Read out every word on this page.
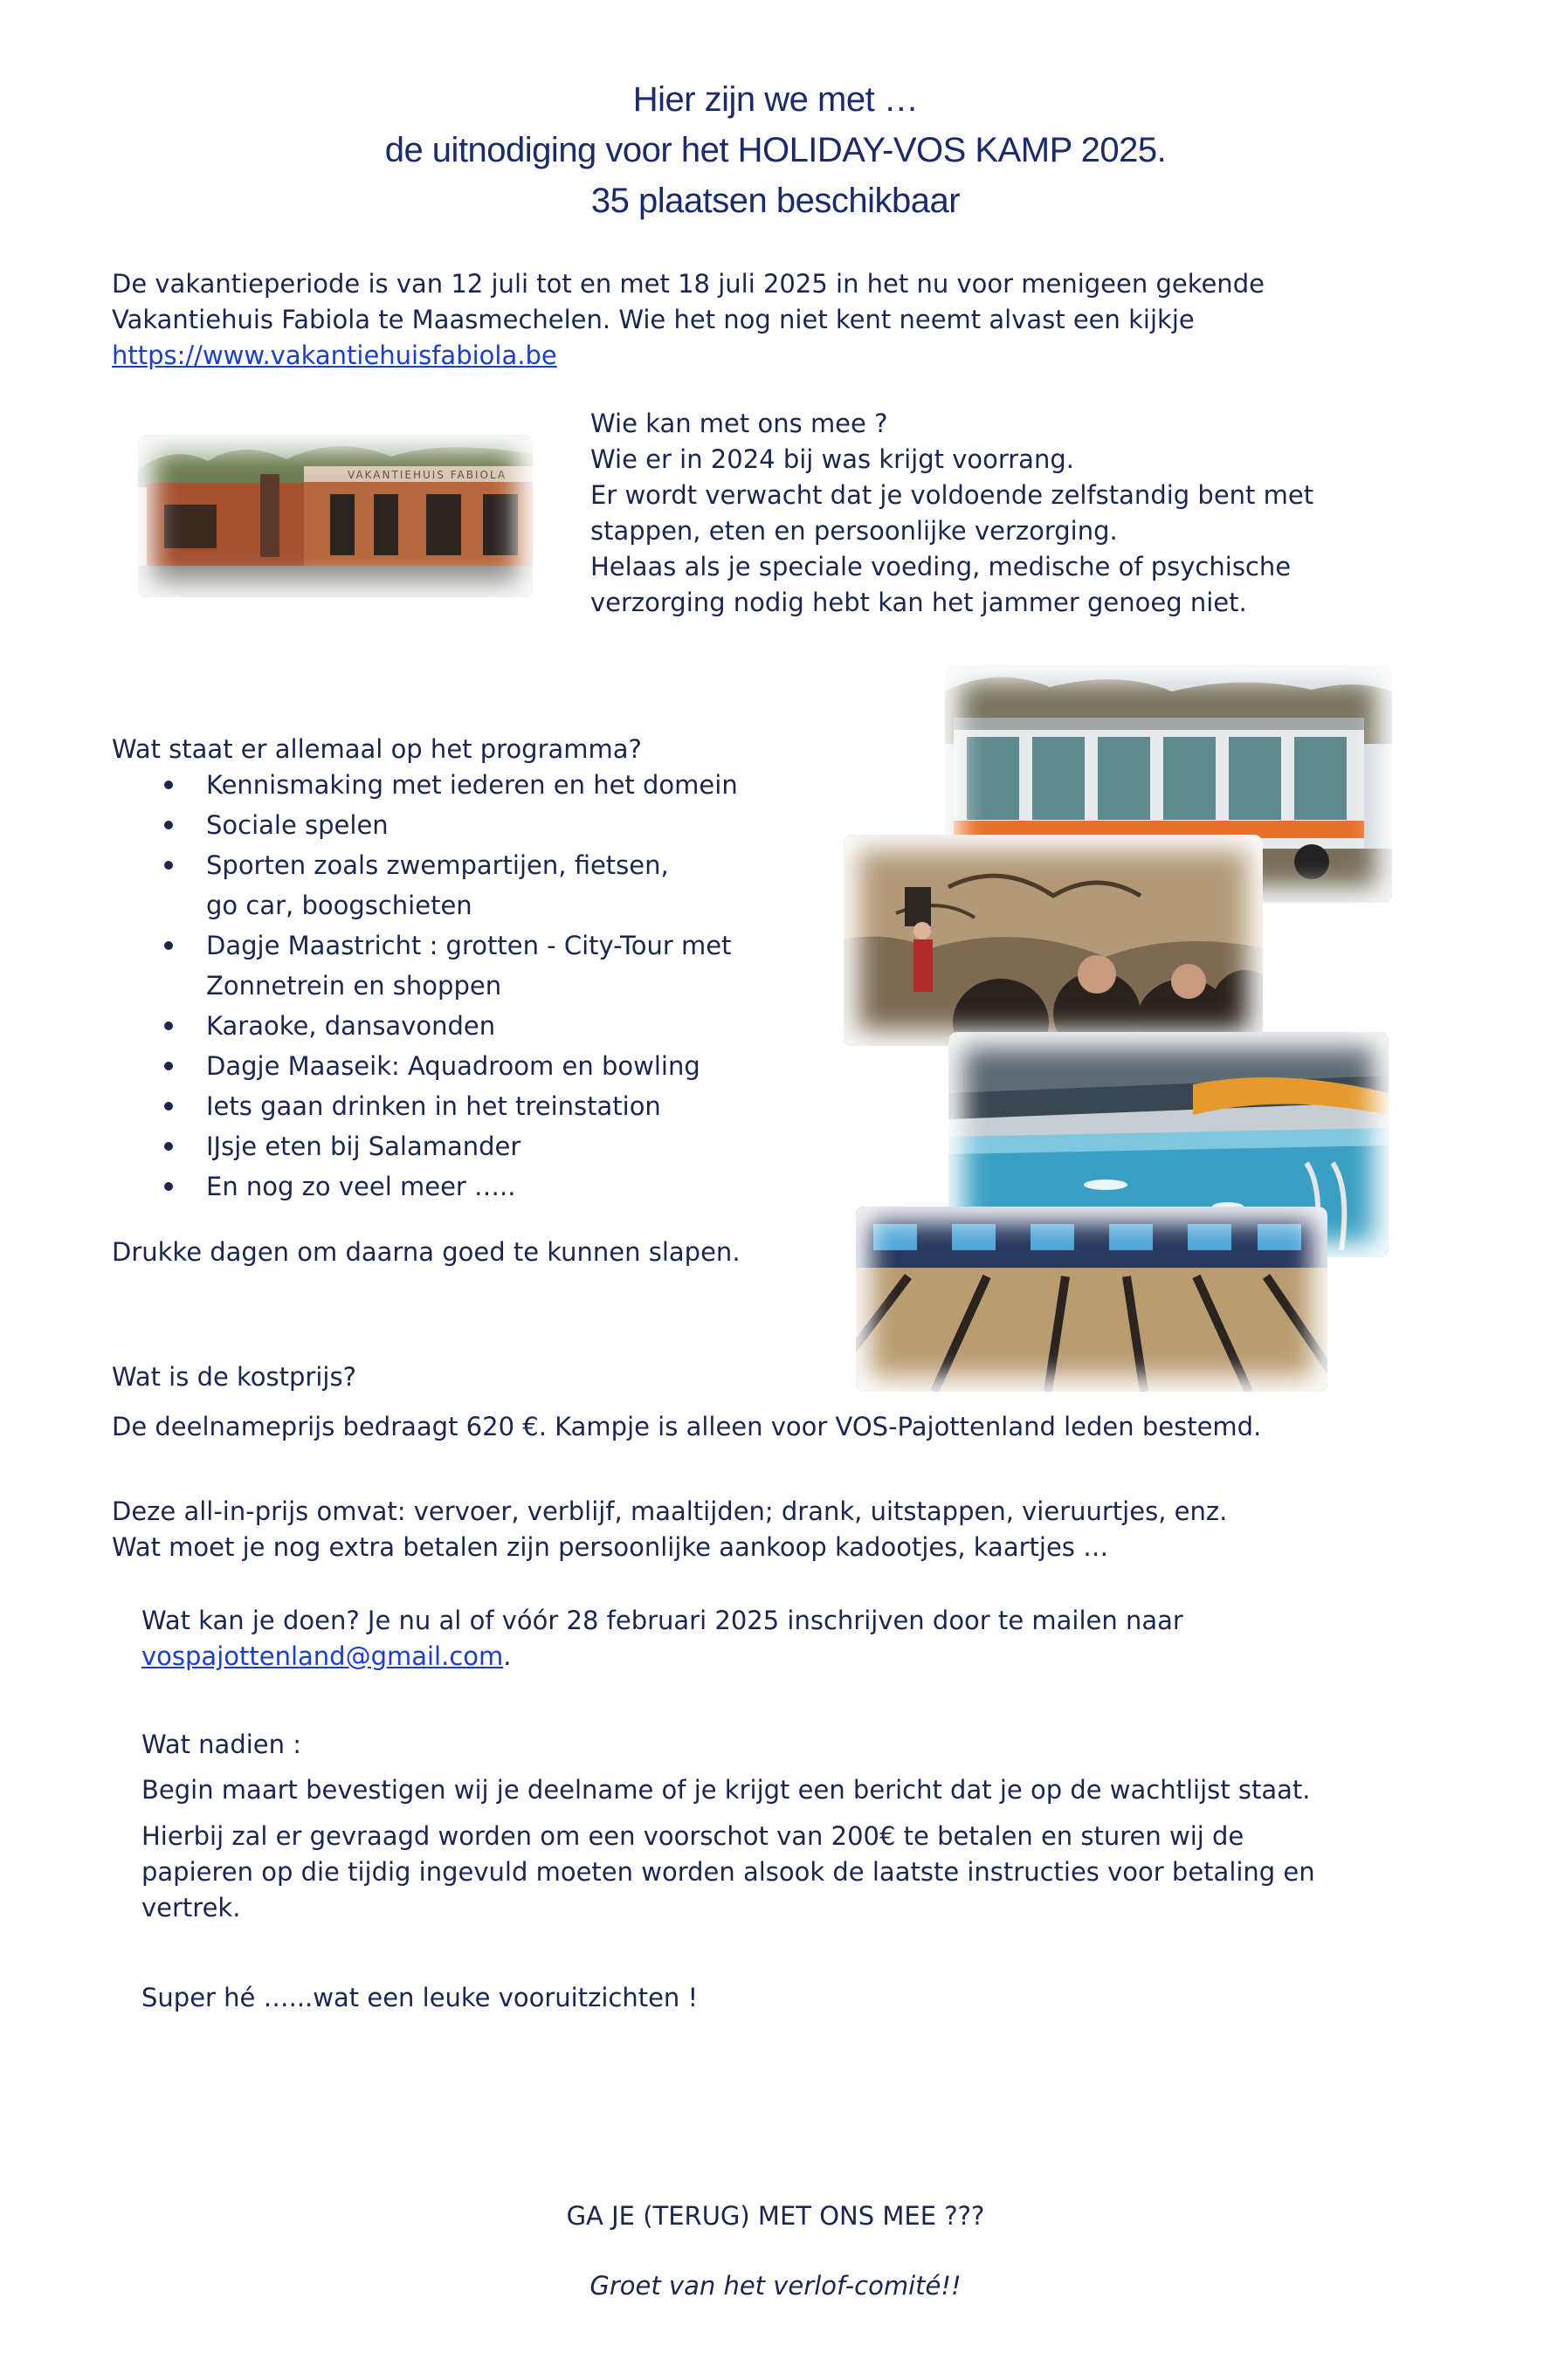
Hier zijn we met …
de uitnodiging voor het HOLIDAY-VOS KAMP 2025.
35 plaatsen beschikbaar
De vakantieperiode is van 12 juli tot en met 18 juli 2025 in het nu voor menigeen gekende
Vakantiehuis Fabiola te Maasmechelen. Wie het nog niet kent neemt alvast een kijkje
https://www.vakantiehuisfabiola.be
VAKANTIEHUIS FABIOLA
Wie kan met ons mee ?
Wie er in 2024 bij was krijgt voorrang.
Er wordt verwacht dat je voldoende zelfstandig bent met
stappen, eten en persoonlijke verzorging.
Helaas als je speciale voeding, medische of psychische
verzorging nodig hebt kan het jammer genoeg niet.
Wat staat er allemaal op het programma?
Kennismaking met iederen en het domein
Sociale spelen
Sporten zoals zwempartijen, fietsen,
go car, boogschieten
Dagje Maastricht : grotten - City-Tour met
Zonnetrein en shoppen
Karaoke, dansavonden
Dagje Maaseik: Aquadroom en bowling
Iets gaan drinken in het treinstation
IJsje eten bij Salamander
En nog zo veel meer …..
Drukke dagen om daarna goed te kunnen slapen.
Wat is de kostprijs?
De deelnameprijs bedraagt 620 €. Kampje is alleen voor VOS-Pajottenland leden bestemd.
Deze all-in-prijs omvat: vervoer, verblijf, maaltijden; drank, uitstappen, vieruurtjes, enz.
Wat moet je nog extra betalen zijn persoonlijke aankoop kadootjes, kaartjes …
Wat kan je doen? Je nu al of vóór 28 februari 2025 inschrijven door te mailen naar
vospajottenland@gmail.com.
Wat nadien :
Begin maart bevestigen wij je deelname of je krijgt een bericht dat je op de wachtlijst staat.
Hierbij zal er gevraagd worden om een voorschot van 200€ te betalen en sturen wij de
papieren op die tijdig ingevuld moeten worden alsook de laatste instructies voor betaling en
vertrek.
Super hé …...wat een leuke vooruitzichten !
GA JE (TERUG) MET ONS MEE ???
Groet van het verlof-comité!!
